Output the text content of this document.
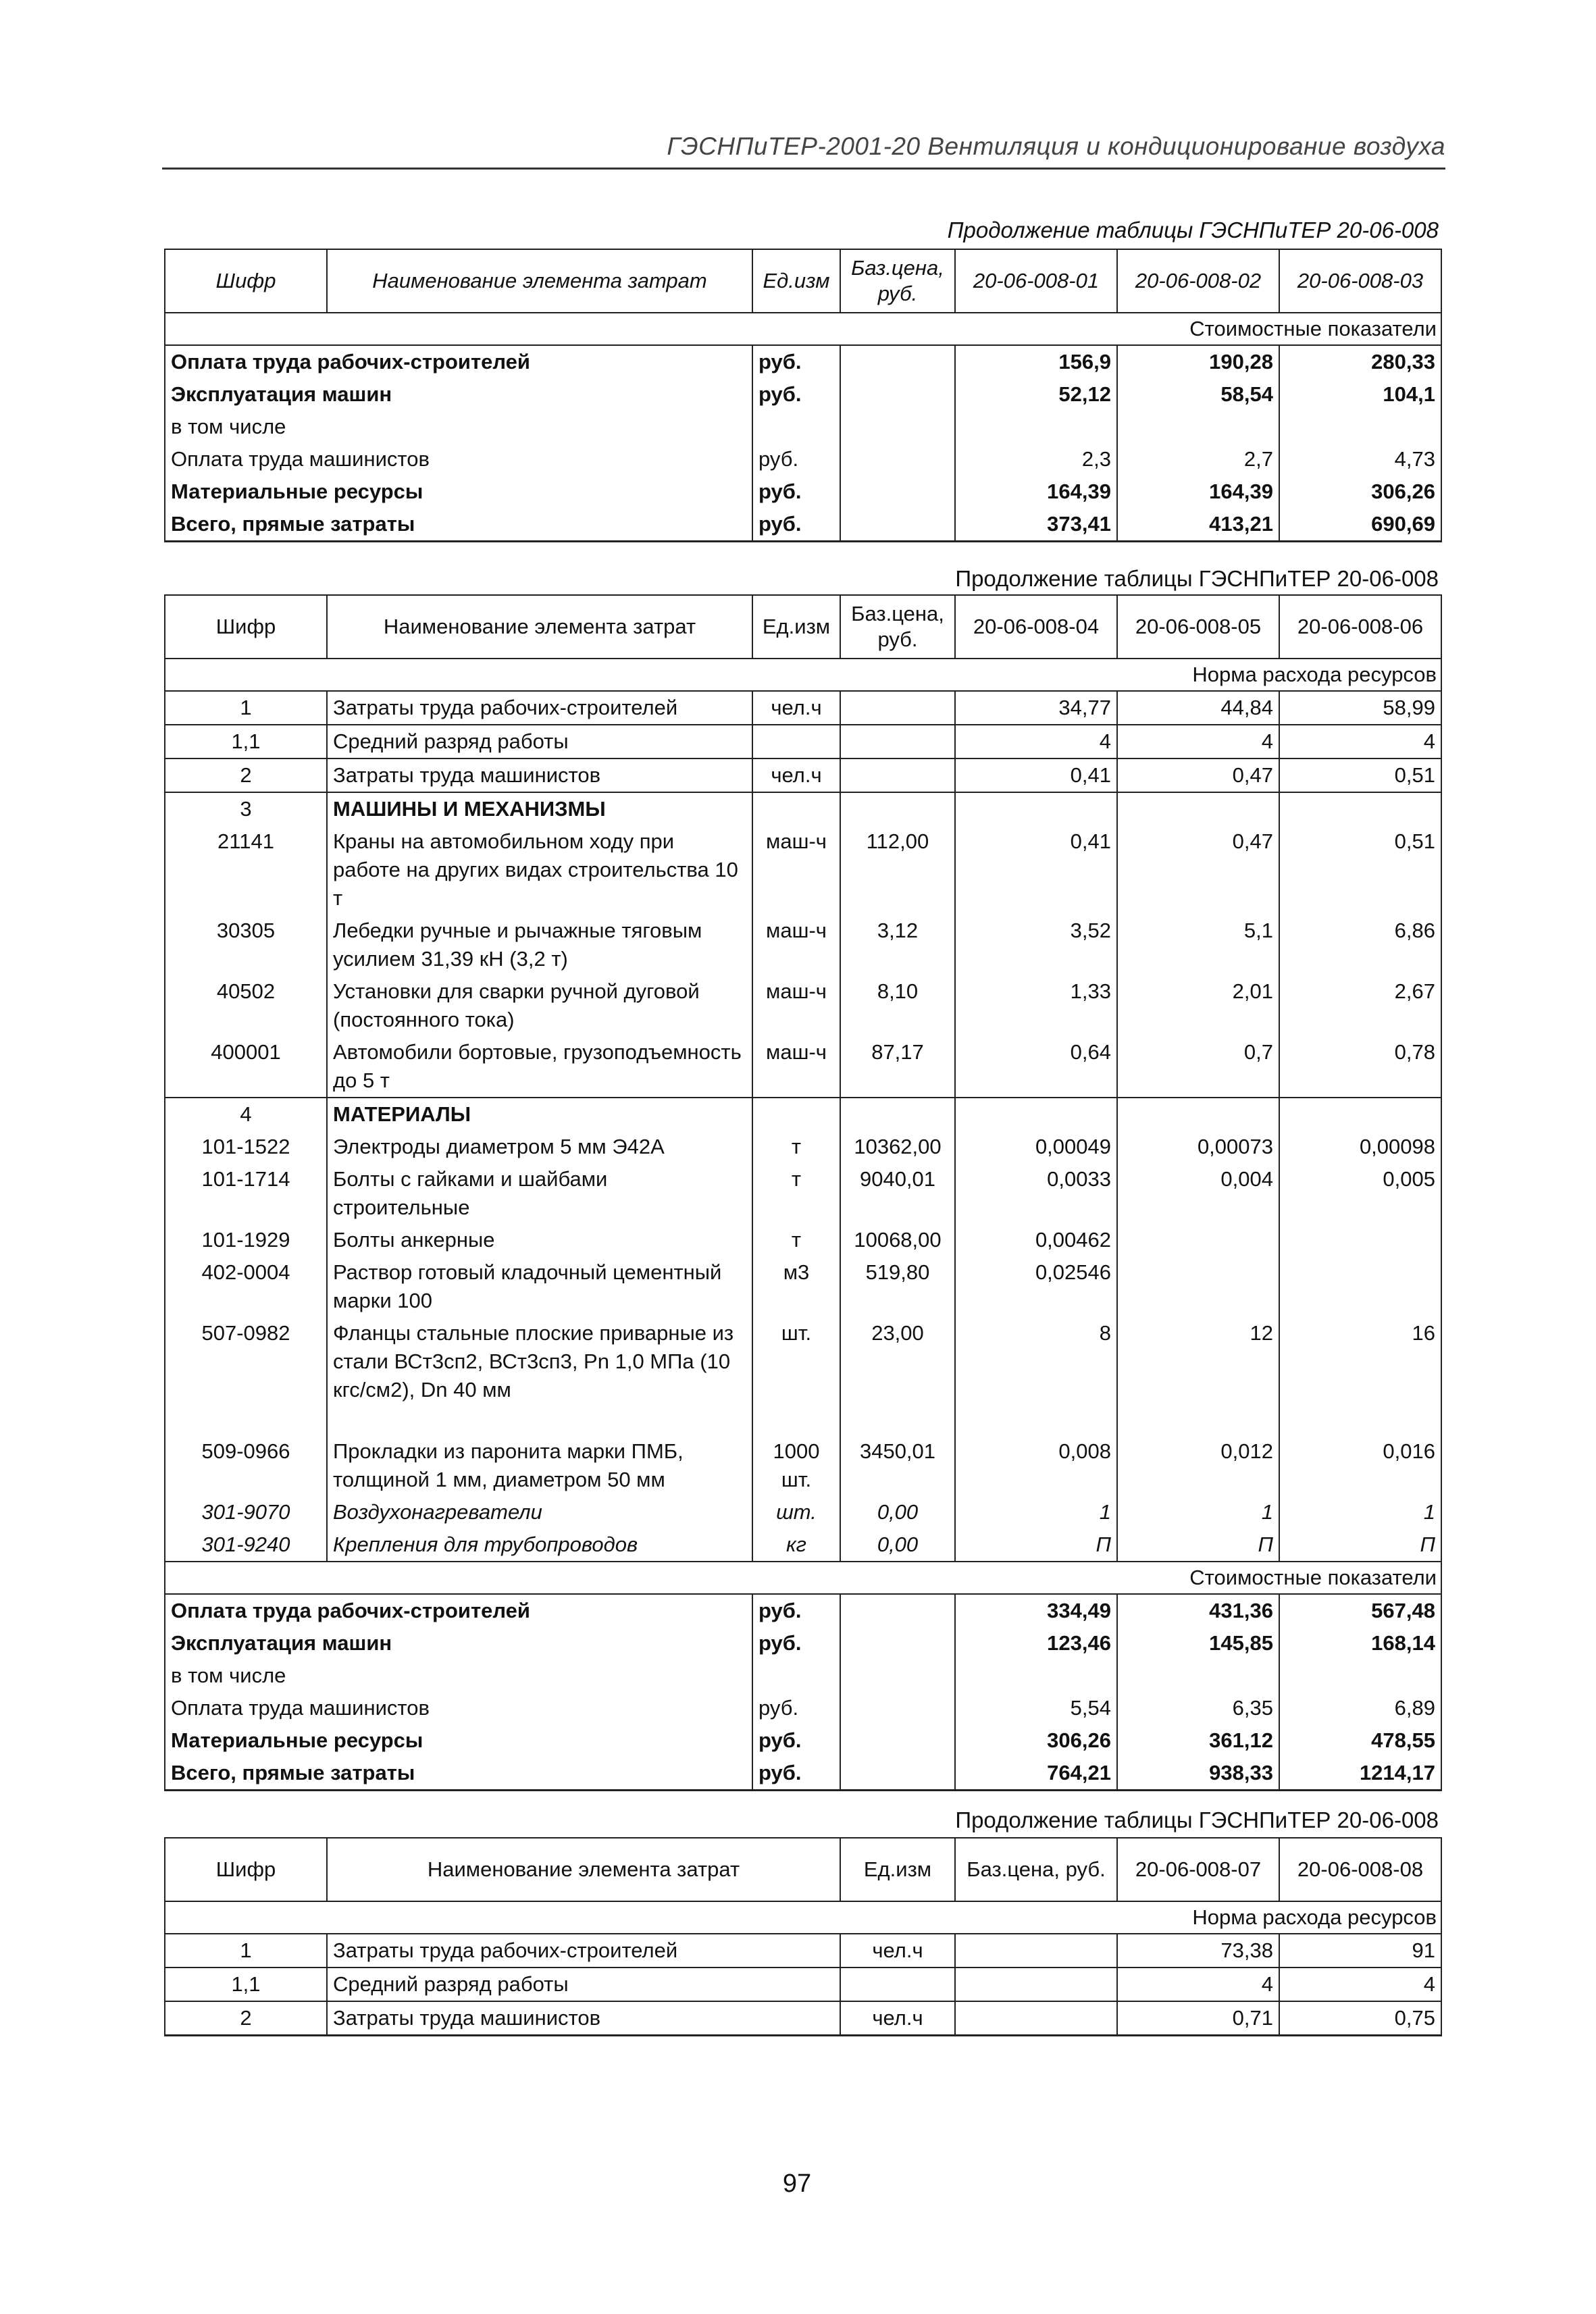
ГЭСНПиТЕР-2001-20 Вентиляция и кондиционирование воздуха
Продолжение таблицы ГЭСНПиТЕР 20-06-008
Шифр	Наименование элемента затрат	Ед.изм	Баз.цена, руб.	20-06-008-01	20-06-008-02	20-06-008-03
Стоимостные показатели						
Оплата труда рабочих-строителей		руб.		156,9	190,28	280,33
Эксплуатация машин		руб.		52,12	58,54	104,1
в том числе						
Оплата труда машинистов		руб.		2,3	2,7	4,73
Материальные ресурсы		руб.		164,39	164,39	306,26
Всего, прямые затраты		руб.		373,41	413,21	690,69
Продолжение таблицы ГЭСНПиТЕР 20-06-008
Шифр	Наименование элемента затрат	Ед.изм	Баз.цена, руб.	20-06-008-04	20-06-008-05	20-06-008-06
Норма расхода ресурсов						
1	Затраты труда рабочих-строителей	чел.ч		34,77	44,84	58,99
1,1	Средний разряд работы			4	4	4
2	Затраты труда машинистов	чел.ч		0,41	0,47	0,51
3	МАШИНЫ И МЕХАНИЗМЫ					
21141	Краны на автомобильном ходу при работе на других видах строительства 10 т	маш-ч	112,00	0,41	0,47	0,51
30305	Лебедки ручные и рычажные тяговым усилием 31,39 кН (3,2 т)	маш-ч	3,12	3,52	5,1	6,86
40502	Установки для сварки ручной дуговой (постоянного тока)	маш-ч	8,10	1,33	2,01	2,67
400001	Автомобили бортовые, грузоподъемность до 5 т	маш-ч	87,17	0,64	0,7	0,78
4	МАТЕРИАЛЫ					
101-1522	Электроды диаметром 5 мм Э42А	т	10362,00	0,00049	0,00073	0,00098
101-1714	Болты с гайками и шайбами строительные	т	9040,01	0,0033	0,004	0,005
101-1929	Болты анкерные	т	10068,00	0,00462		
402-0004	Раствор готовый кладочный цементный марки 100	м3	519,80	0,02546		
507-0982	Фланцы стальные плоские приварные из стали ВСт3сп2, ВСт3сп3, Рn 1,0 МПа (10 кгс/см2), Dn 40 мм	шт.	23,00	8	12	16
509-0966	Прокладки из паронита марки ПМБ, толщиной 1 мм, диаметром 50 мм	1000 шт.	3450,01	0,008	0,012	0,016
301-9070	Воздухонагреватели	шт.	0,00	1	1	1
301-9240	Крепления для трубопроводов	кг	0,00	П	П	П
Стоимостные показатели						
Оплата труда рабочих-строителей		руб.		334,49	431,36	567,48
Эксплуатация машин		руб.		123,46	145,85	168,14
в том числе						
Оплата труда машинистов		руб.		5,54	6,35	6,89
Материальные ресурсы		руб.		306,26	361,12	478,55
Всего, прямые затраты		руб.		764,21	938,33	1214,17
Продолжение таблицы ГЭСНПиТЕР 20-06-008
Шифр	Наименование элемента затрат	Ед.изм	Баз.цена, руб.	20-06-008-07	20-06-008-08
Норма расхода ресурсов					
1	Затраты труда рабочих-строителей	чел.ч		73,38	91
1,1	Средний разряд работы			4	4
2	Затраты труда машинистов	чел.ч		0,71	0,75
97
